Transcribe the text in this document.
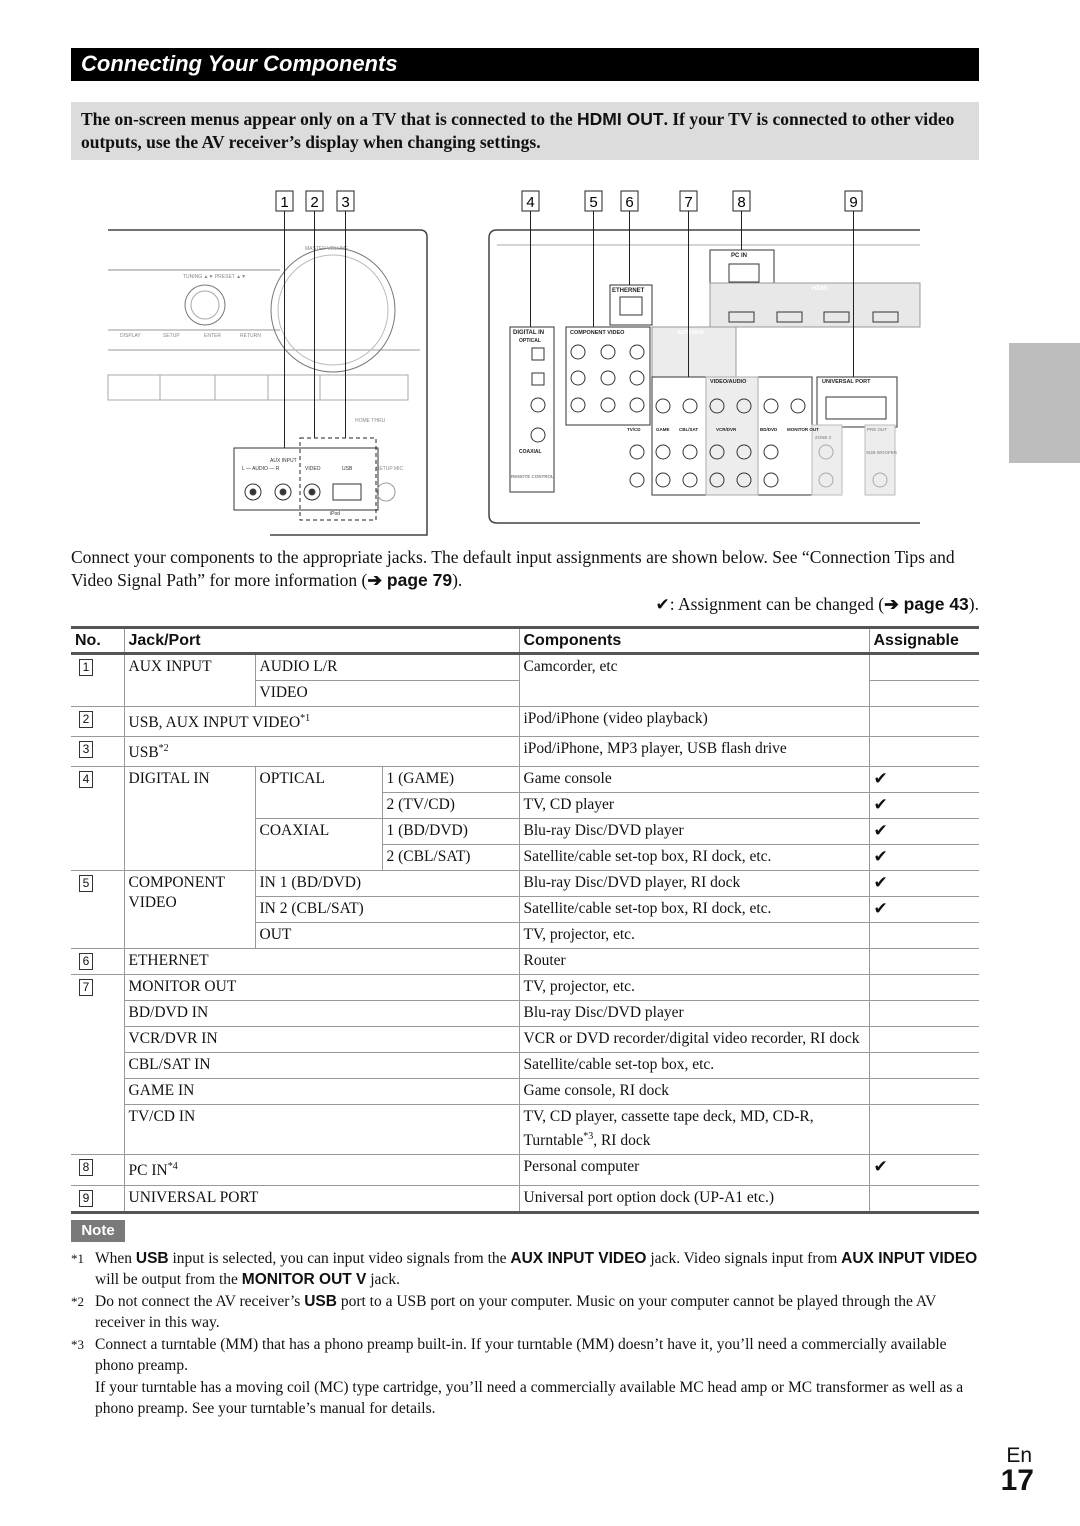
Connecting Your Components
The on-screen menus appear only on a TV that is connected to the HDMI OUT. If your TV is connected to other video outputs, use the AV receiver’s display when changing settings.
1 2 3	4	5 6	7	8	9
MASTER VOLUME
TUNING ▲▼ PRESET ▲▼
DISPLAY	SETUP	ENTER	RETURN
HOME THRU
AUX INPUT
L — AUDIO — R	VIDEO	USB
iPod
SETUP MIC
PC IN
HDMI
ETHERNET
DIGITAL IN
OPTICAL
COAXIAL
COMPONENT VIDEO	ANTENNA
VIDEO/AUDIO	UNIVERSAL PORT
TV/CD	GAME CBL/SAT	VCR/DVR	BD/DVD MONITOR OUT
ZONE 2
PRE OUT
SUB WOOFER
REMOTE CONTROL
Connect your components to the appropriate jacks. The default input assignments are shown below. See “Connection Tips and Video Signal Path” for more information (➔ page 79).
✔: Assignment can be changed (➔ page 43).
No.	Jack/Port			Components	Assignable
1	AUX INPUT	AUDIO L/R		Camcorder, etc	
		VIDEO			
2	USB, AUX INPUT VIDEO$^{*1}$			iPod/iPhone (video playback)	
3	USB$^{*2}$			iPod/iPhone, MP3 player, USB flash drive	
4	DIGITAL IN	OPTICAL	1 (GAME)	Game console	✔
			2 (TV/CD)	TV, CD player	✔
		COAXIAL	1 (BD/DVD)	Blu-ray Disc/DVD player	✔
			2 (CBL/SAT)	Satellite/cable set-top box, RI dock, etc.	✔
5	COMPONENT VIDEO	IN 1 (BD/DVD)		Blu-ray Disc/DVD player, RI dock	✔
		IN 2 (CBL/SAT)		Satellite/cable set-top box, RI dock, etc.	✔
		OUT		TV, projector, etc.	
6	ETHERNET			Router	
7	MONITOR OUT			TV, projector, etc.	
	BD/DVD IN			Blu-ray Disc/DVD player	
	VCR/DVR IN			VCR or DVD recorder/digital video recorder, RI dock	
	CBL/SAT IN			Satellite/cable set-top box, etc.	
	GAME IN			Game console, RI dock	
	TV/CD IN			TV, CD player, cassette tape deck, MD, CD-R, Turntable$^{*3}$, RI dock	
8	PC IN$^{*4}$			Personal computer	✔
9	UNIVERSAL PORT			Universal port option dock (UP-A1 etc.)	
Note
*1 When USB input is selected, you can input video signals from the AUX INPUT VIDEO jack. Video signals input from AUX INPUT VIDEO will be output from the MONITOR OUT V jack.
*2 Do not connect the AV receiver’s USB port to a USB port on your computer. Music on your computer cannot be played through the AV receiver in this way.
*3 Connect a turntable (MM) that has a phono preamp built-in. If your turntable (MM) doesn’t have it, you’ll need a commercially available phono preamp.
If your turntable has a moving coil (MC) type cartridge, you’ll need a commercially available MC head amp or MC transformer as well as a phono preamp. See your turntable’s manual for details.
En
17
